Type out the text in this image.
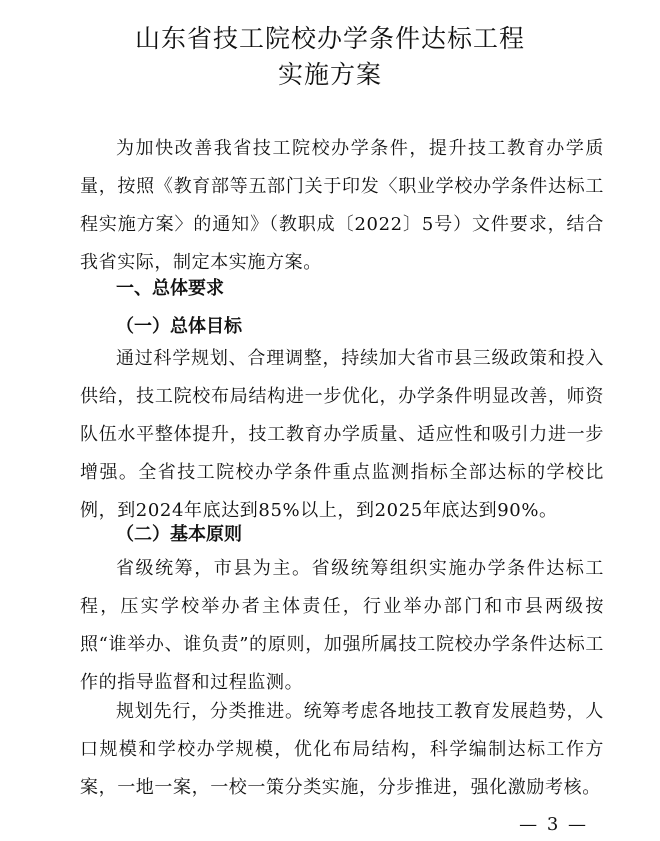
山东省技工院校办学条件达标工程
实施方案

为加快改善我省技工院校办学条件，提升技工教育办学质量，按照《教育部等五部门关于印发〈职业学校办学条件达标工程实施方案〉的通知》（教职成〔2022〕5号）文件要求，结合我省实际，制定本实施方案。

一、总体要求
（一）总体目标

通过科学规划、合理调整，持续加大省市县三级政策和投入供给，技工院校布局结构进一步优化，办学条件明显改善，师资队伍水平整体提升，技工教育办学质量、适应性和吸引力进一步增强。全省技工院校办学条件重点监测指标全部达标的学校比例，到2024年底达到85%以上，到2025年底达到90%。

（二）基本原则

省级统筹，市县为主。省级统筹组织实施办学条件达标工程，压实学校举办者主体责任，行业举办部门和市县两级按照“谁举办、谁负责”的原则，加强所属技工院校办学条件达标工作的指导监督和过程监测。

规划先行，分类推进。统筹考虑各地技工教育发展趋势，人口规模和学校办学规模，优化布局结构，科学编制达标工作方案，一地一案，一校一策分类实施，分步推进，强化激励考核。

— 3 —
